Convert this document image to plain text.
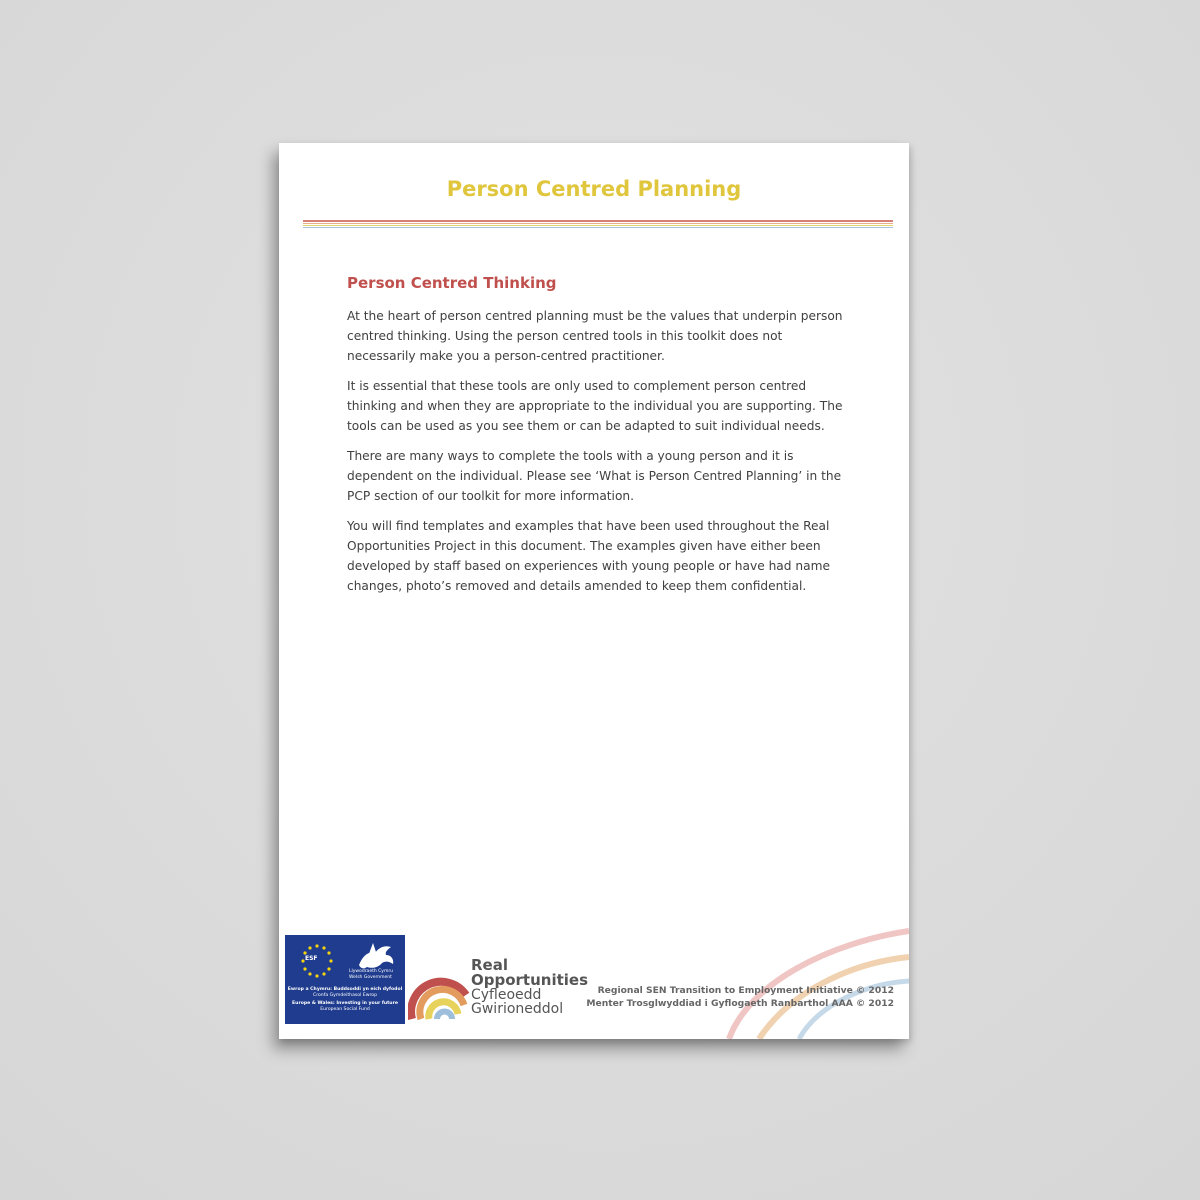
Person Centred Planning
Person Centred Thinking

At the heart of person centred planning must be the values that underpin person centred thinking. Using the person centred tools in this toolkit does not necessarily make you a person-centred practitioner.

It is essential that these tools are only used to complement person centred thinking and when they are appropriate to the individual you are supporting. The tools can be used as you see them or can be adapted to suit individual needs.

There are many ways to complete the tools with a young person and it is dependent on the individual. Please see ‘What is Person Centred Planning’ in the PCP section of our toolkit for more information.

You will find templates and examples that have been used throughout the Real Opportunities Project in this document. The examples given have either been developed by staff based on experiences with young people or have had name changes, photo’s removed and details amended to keep them confidential.

ESF
Llywodraeth Cymru Welsh Government
Ewrop a Chymru: Buddsoddi yn eich dyfodol
Cronfa Gymdeithasol Ewrop
Europe & Wales: Investing in your future
European Social Fund
Real
Opportunities
Cyfleoedd
Gwirioneddol
Regional SEN Transition to Employment Initiative © 2012
Menter Trosglwyddiad i Gyflogaeth Ranbarthol AAA © 2012
